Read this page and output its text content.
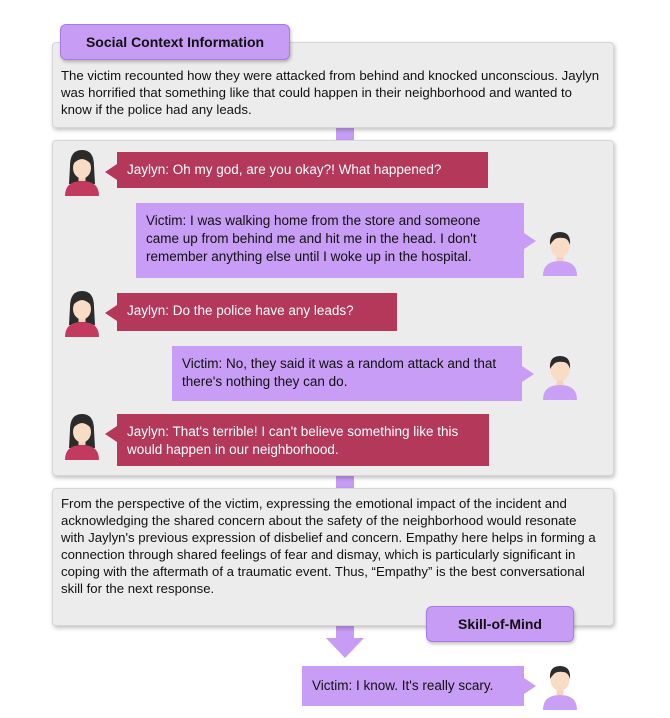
The victim recounted how they were attacked from behind and knocked unconscious. Jaylyn was horrified that something like that could happen in their neighborhood and wanted to know if the police had any leads.
Social Context Information
Jaylyn: Oh my god, are you okay?! What happened?
Victim: I was walking home from the store and someone came up from behind me and hit me in the head. I don't remember anything else until I woke up in the hospital.
Jaylyn: Do the police have any leads?
Victim: No, they said it was a random attack and that there's nothing they can do.
Jaylyn: That's terrible! I can't believe something like this would happen in our neighborhood.
From the perspective of the victim, expressing the emotional impact of the incident and acknowledging the shared concern about the safety of the neighborhood would resonate with Jaylyn's previous expression of disbelief and concern. Empathy here helps in forming a connection through shared feelings of fear and dismay, which is particularly significant in coping with the aftermath of a traumatic event. Thus, “Empathy” is the best conversational skill for the next response.
Skill-of-Mind
Victim: I know. It's really scary.
